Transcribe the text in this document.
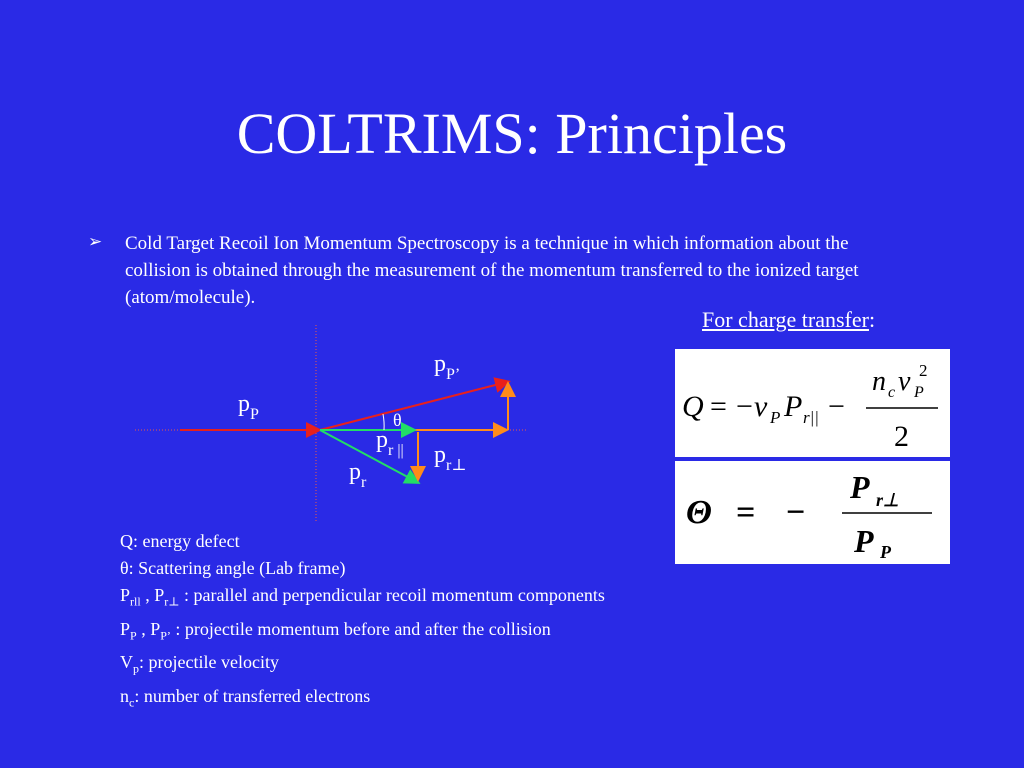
COLTRIMS: Principles
➢ Cold Target Recoil Ion Momentum Spectroscopy is a technique in which information about the collision is obtained through the measurement of the momentum transferred to the ionized target (atom/molecule).
For charge transfer:
$p_P$
$p_{P’}$
θ
$p_{r ||}$ $p_{r\perp}$
$p_r$
Q = − v P P r|| −
n c v P
2
2
Θ = −
P r⊥
P P
Q: energy defect
θ: Scattering angle (Lab frame)
$P_{rll}$ , $P_{r\perp}$ : parallel and perpendicular recoil momentum components
$P_P$ , $P_{P’}$ : projectile momentum before and after the collision
$V_p$: projectile velocity
$n_c$: number of transferred electrons
